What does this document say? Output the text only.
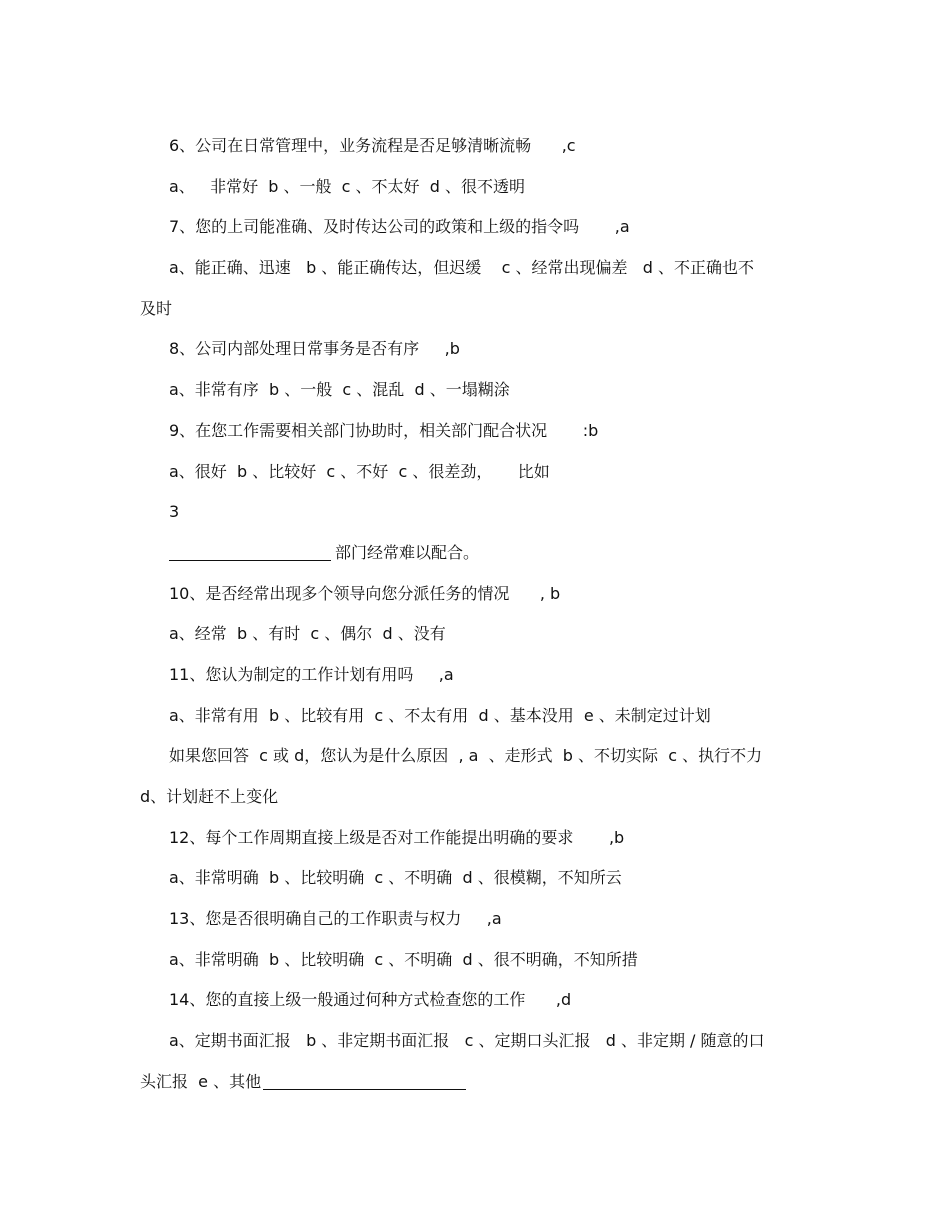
6、公司在日常管理中，业务流程是否足够清晰流畅      ,c
a、   非常好  b 、一般  c 、不太好  d 、很不透明
7、您的上司能准确、及时传达公司的政策和上级的指令吗       ,a
a、能正确、迅速   b 、能正确传达，但迟缓    c 、经常出现偏差   d 、不正确也不
及时
8、公司内部处理日常事务是否有序     ,b
a、非常有序  b 、一般  c 、混乱  d 、一塌糊涂
9、在您工作需要相关部门协助时，相关部门配合状况       :b
a、很好  b 、比较好  c 、不好  c 、很差劲，     比如
3
部门经常难以配合。
10、是否经常出现多个领导向您分派任务的情况      , b
a、经常  b 、有时  c 、偶尔  d 、没有
11、您认为制定的工作计划有用吗     ,a
a、非常有用  b 、比较有用  c 、不太有用  d 、基本没用  e 、未制定过计划
如果您回答  c 或 d，您认为是什么原因  , a  、走形式  b 、不切实际  c 、执行不力
d、计划赶不上变化
12、每个工作周期直接上级是否对工作能提出明确的要求       ,b
a、非常明确  b 、比较明确  c 、不明确  d 、很模糊，不知所云
13、您是否很明确自己的工作职责与权力     ,a
a、非常明确  b 、比较明确  c 、不明确  d 、很不明确，不知所措
14、您的直接上级一般通过何种方式检查您的工作      ,d
a、定期书面汇报   b 、非定期书面汇报   c 、定期口头汇报   d 、非定期 / 随意的口
头汇报  e 、其他
